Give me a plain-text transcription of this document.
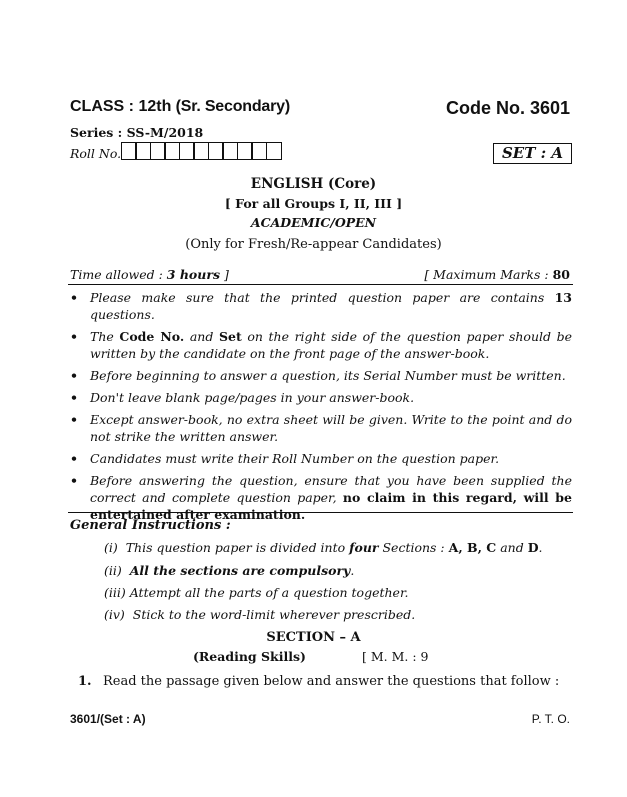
CLASS : 12th (Sr. Secondary)	Code No. 3601
Series : SS-M/2018
Roll No.	SET : A
ENGLISH (Core)
[ For all Groups I, II, III ]
ACADEMIC/OPEN
(Only for Fresh/Re-appear Candidates)
Time allowed : 3 hours ]	[ Maximum Marks : 80
• Please make sure that the printed question paper are contains 13 questions.
• The Code No. and Set on the right side of the question paper should be written by the candidate on the front page of the answer-book.
• Before beginning to answer a question, its Serial Number must be written.
• Don't leave blank page/pages in your answer-book.
• Except answer-book, no extra sheet will be given. Write to the point and do not strike the written answer.
• Candidates must write their Roll Number on the question paper.
• Before answering the question, ensure that you have been supplied the correct and complete question paper, no claim in this regard, will be entertained after examination.
General Instructions :
(i) This question paper is divided into four Sections : A, B, C and D.
(ii) All the sections are compulsory.
(iii) Attempt all the parts of a question together.
(iv) Stick to the word-limit wherever prescribed.
SECTION – A
(Reading Skills)	[ M. M. : 9
1. Read the passage given below and answer the questions that follow :
3601/(Set : A)	P. T. O.
